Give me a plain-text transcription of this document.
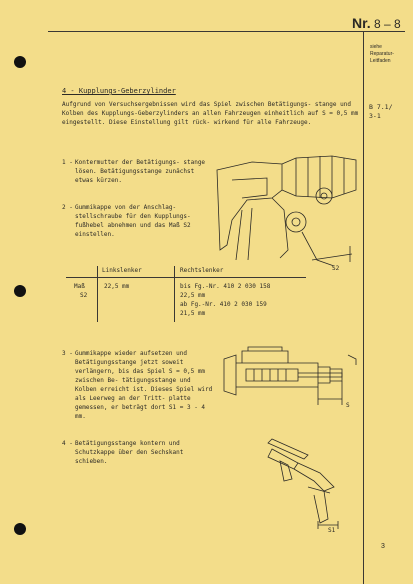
Nr. 8 – 8
siehe
Reparatur-
Leitfaden
B 7.1/
3-1
4 - Kupplungs-Geberzylinder

Aufgrund von Versuchsergebnissen wird das Spiel zwischen Betätigungs- stange und Kolben des Kupplungs-Geberzylinders an allen Fahrzeugen einheitlich auf S = 0,5 mm eingestellt. Diese Einstellung gilt rück- wirkend für alle Fahrzeuge.

1 - Kontermutter der Betätigungs- stange lösen. Betätigungsstange zunächst etwas kürzen.
2 - Gummikappe von der Anschlag- stellschraube für den Kupplungs- fußhebel abnehmen und das Maß S2 einstellen.
3 - Gummikappe wieder aufsetzen und Betätigungsstange jetzt soweit verlängern, bis das Spiel S = 0,5 mm zwischen Be- tätigungsstange und Kolben erreicht ist. Dieses Spiel wird als Leerweg an der Tritt- platte gemessen, er beträgt dort S1 = 3 - 4 mm.
4 - Betätigungsstange kontern und Schutzkappe über den Sechskant schieben.
Linkslenker	Rechtslenker
Maß
S2
22,5 mm	bis Fg.-Nr. 410 2 030 158
22,5 mm
ab Fg.-Nr. 410 2 030 159
21,5 mm
S2
S
S1
3
